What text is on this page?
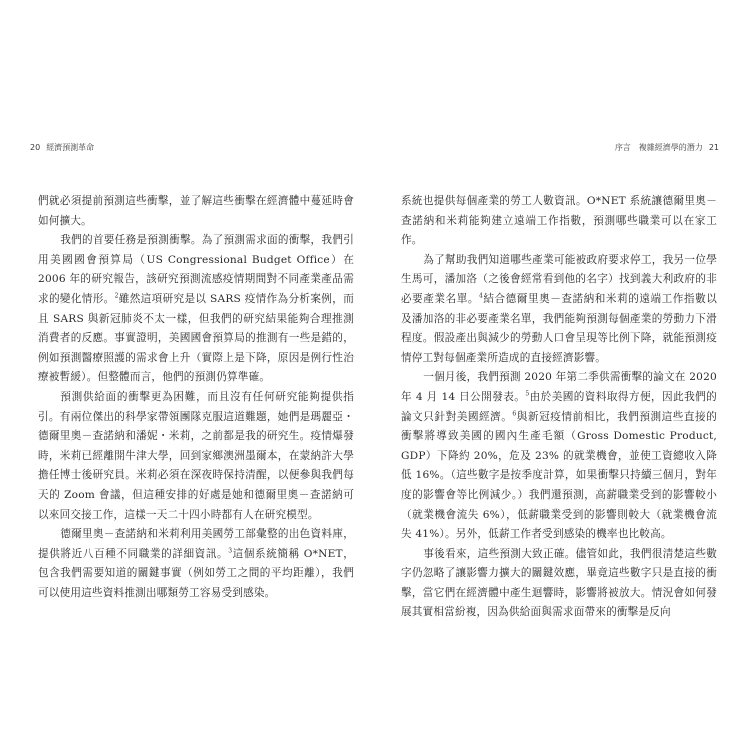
20 經濟預測革命

們就必須提前預測這些衝擊，並了解這些衝擊在經濟體中蔓延時會如何擴大。

我們的首要任務是預測衝擊。為了預測需求面的衝擊，我們引用美國國會預算局（US Congressional Budget Office）在 2006 年的研究報告，該研究預測流感疫情期間對不同產業產品需求的變化情形。$^2$雖然這項研究是以 SARS 疫情作為分析案例，而且 SARS 與新冠肺炎不太一樣，但我們的研究結果能夠合理推測消費者的反應。事實證明，美國國會預算局的推測有一些是錯的，例如預測醫療照護的需求會上升（實際上是下降，原因是例行性治療被暫緩）。但整體而言，他們的預測仍算準確。

預測供給面的衝擊更為困難，而且沒有任何研究能夠提供指引。有兩位傑出的科學家帶領團隊克服這道難題，她們是瑪麗亞・德爾里奧－查諾納和潘妮・米莉，之前都是我的研究生。疫情爆發時，米莉已經離開牛津大學，回到家鄉澳洲墨爾本，在蒙納許大學擔任博士後研究員。米莉必須在深夜時保持清醒，以便參與我們每天的 Zoom 會議，但這種安排的好處是她和德爾里奧－查諾納可以來回交接工作，這樣一天二十四小時都有人在研究模型。

德爾里奧－查諾納和米莉利用美國勞工部彙整的出色資料庫，提供將近八百種不同職業的詳細資訊。$^3$這個系統簡稱 O*NET，包含我們需要知道的關鍵事實（例如勞工之間的平均距離），我們可以使用這些資料推測出哪類勞工容易受到感染。

序言　複雜經濟學的潛力 21

系統也提供每個產業的勞工人數資訊。O*NET 系統讓德爾里奧－查諾納和米莉能夠建立遠端工作指數，預測哪些職業可以在家工作。

為了幫助我們知道哪些產業可能被政府要求停工，我另一位學生馬可，潘加洛（之後會經常看到他的名字）找到義大利政府的非必要產業名單。$^4$結合德爾里奧－查諾納和米莉的遠端工作指數以及潘加洛的非必要產業名單，我們能夠預測每個產業的勞動力下滑程度。假設產出與減少的勞動人口會呈現等比例下降，就能預測疫情停工對每個產業所造成的直接經濟影響。

一個月後，我們預測 2020 年第二季供需衝擊的論文在 2020 年 4 月 14 日公開發表。$^5$由於美國的資料取得方便，因此我們的論文只針對美國經濟。$^6$與新冠疫情前相比，我們預測這些直接的衝擊將導致美國的國內生產毛額（Gross Domestic Product, GDP）下降約 20%，危及 23% 的就業機會，並使工資總收入降低 16%。（這些數字是按季度計算，如果衝擊只持續三個月，對年度的影響會等比例減少。）我們還預測，高薪職業受到的影響較小（就業機會流失 6%），低薪職業受到的影響則較大（就業機會流失 41%）。另外，低薪工作者受到感染的機率也比較高。

事後看來，這些預測大致正確。儘管如此，我們很清楚這些數字仍忽略了讓影響力擴大的關鍵效應，畢竟這些數字只是直接的衝擊，當它們在經濟體中產生迴響時，影響將被放大。情況會如何發展其實相當紛複，因為供給面與需求面帶來的衝擊是反向
